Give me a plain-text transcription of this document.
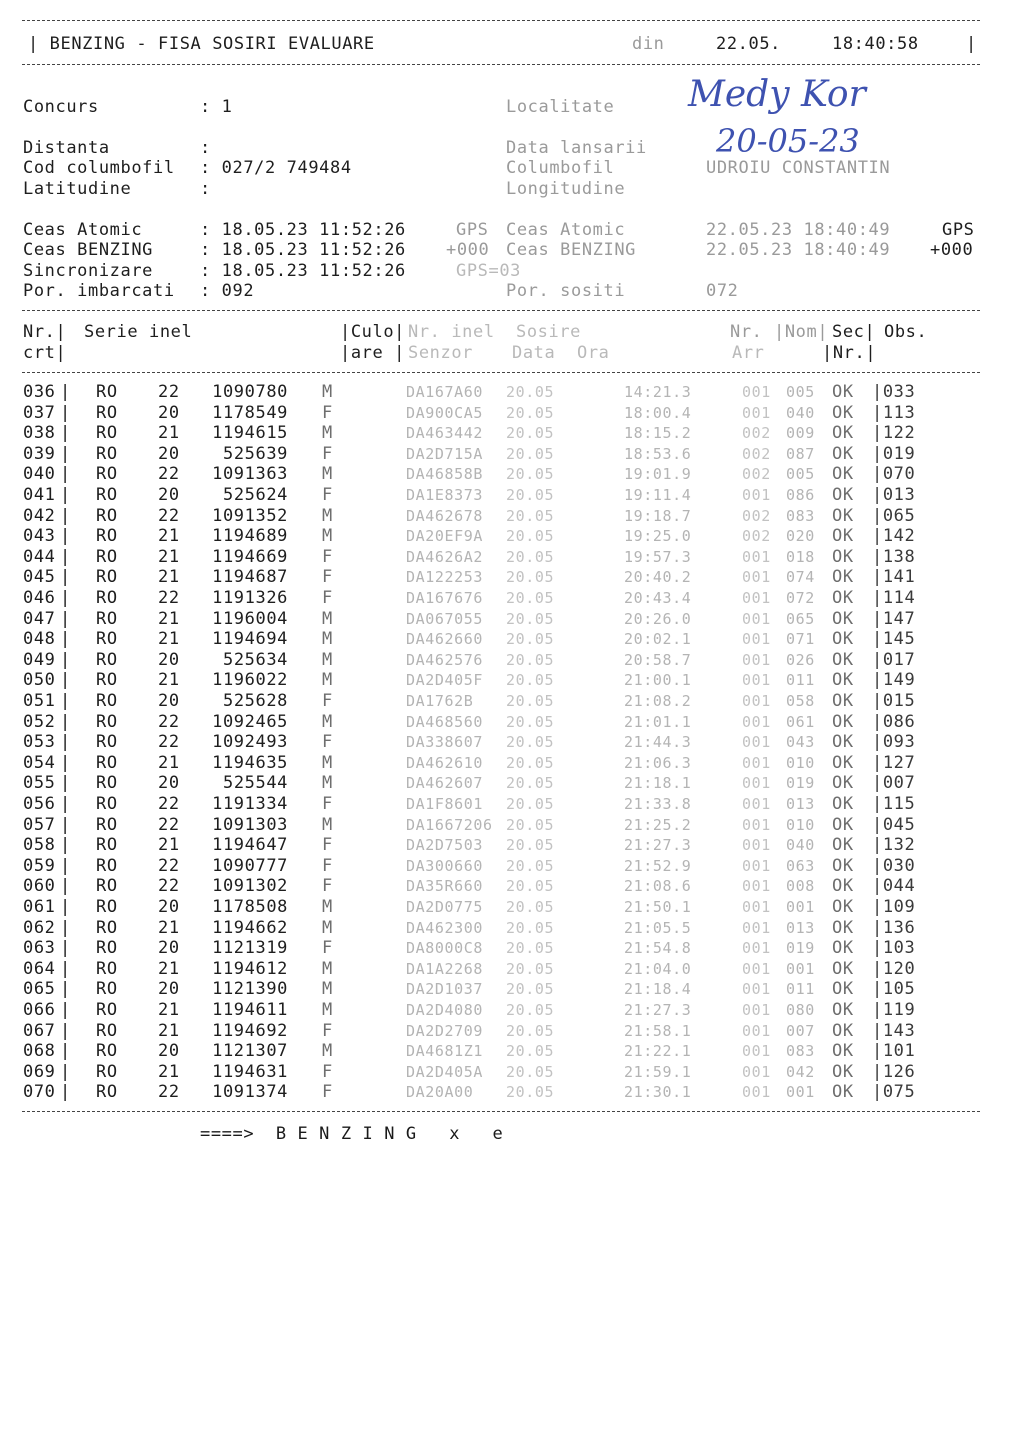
| BENZING - FISA SOSIRI EVALUARE	din	22.05.	18:40:58	|
Concurs	: 1	Localitate Medy Kor
Distanta	:	Data lansarii 20-05-23
Cod columbofil : 027/2 749484	Columbofil	UDROIU CONSTANTIN
Latitudine	:	Longitudine
Ceas Atomic	: 18.05.23 11:52:26	GPS Ceas Atomic	22.05.23 18:40:49	GPS
Ceas BENZING	: 18.05.23 11:52:26 +000 Ceas BENZING	22.05.23 18:40:49 +000
Sincronizare	: 18.05.23 11:52:26	GPS=03
Por. imbarcati : 092	Por. sositi	072
Nr.| Serie inel	|Culo| Nr. inel Sosire	Nr. |Nom| Sec| Obs.
crt|	|are | Senzor Data  Ora	Arr	|Nr.|
036 | RO 22	1090780 M	DA167A60 20.05	14:21.3	001 005 OK |033
037 | RO 20	1178549 F	DA900CA5 20.05	18:00.4	001 040 OK |113
038 | RO 21	1194615 M	DA463442 20.05	18:15.2	002 009 OK |122
039 | RO 20	525639 F	DA2D715A 20.05	18:53.6	002 087 OK |019
040 | RO 22	1091363 M	DA46858B 20.05	19:01.9	002 005 OK |070
041 | RO 20	525624 F	DA1E8373 20.05	19:11.4	001 086 OK |013
042 | RO 22	1091352 M	DA462678 20.05	19:18.7	002 083 OK |065
043 | RO 21	1194689 M	DA20EF9A 20.05	19:25.0	002 020 OK |142
044 | RO 21	1194669 F	DA4626A2 20.05	19:57.3	001 018 OK |138
045 | RO 21	1194687 F	DA122253 20.05	20:40.2	001 074 OK |141
046 | RO 22	1191326 F	DA167676 20.05	20:43.4	001 072 OK |114
047 | RO 21	1196004 M	DA067055 20.05	20:26.0	001 065 OK |147
048 | RO 21	1194694 M	DA462660 20.05	20:02.1	001 071 OK |145
049 | RO 20	525634 M	DA462576 20.05	20:58.7	001 026 OK |017
050 | RO 21	1196022 M	DA2D405F 20.05	21:00.1	001 011 OK |149
051 | RO 20	525628 F	DA1762B 20.05	21:08.2	001 058 OK |015
052 | RO 22	1092465 M	DA468560 20.05	21:01.1	001 061 OK |086
053 | RO 22	1092493 F	DA338607 20.05	21:44.3	001 043 OK |093
054 | RO 21	1194635 M	DA462610 20.05	21:06.3	001 010 OK |127
055 | RO 20	525544 M	DA462607 20.05	21:18.1	001 019 OK |007
056 | RO 22	1191334 F	DA1F8601 20.05	21:33.8	001 013 OK |115
057 | RO 22	1091303 M	DA1667206 20.05	21:25.2	001 010 OK |045
058 | RO 21	1194647 F	DA2D7503 20.05	21:27.3	001 040 OK |132
059 | RO 22	1090777 F	DA300660 20.05	21:52.9	001 063 OK |030
060 | RO 22	1091302 F	DA35R660 20.05	21:08.6	001 008 OK |044
061 | RO 20	1178508 M	DA2D0775 20.05	21:50.1	001 001 OK |109
062 | RO 21	1194662 M	DA462300 20.05	21:05.5	001 013 OK |136
063 | RO 20	1121319 F	DA8000C8 20.05	21:54.8	001 019 OK |103
064 | RO 21	1194612 M	DA1A2268 20.05	21:04.0	001 001 OK |120
065 | RO 20	1121390 M	DA2D1037 20.05	21:18.4	001 011 OK |105
066 | RO 21	1194611 M	DA2D4080 20.05	21:27.3	001 080 OK |119
067 | RO 21	1194692 F	DA2D2709 20.05	21:58.1	001 007 OK |143
068 | RO 20	1121307 M	DA4681Z1 20.05	21:22.1	001 083 OK |101
069 | RO 21	1194631 F	DA2D405A 20.05	21:59.1	001 042 OK |126
070 | RO 22	1091374 F	DA20A00 20.05	21:30.1	001 001 OK |075
====>  B E N Z I N G   x   e
